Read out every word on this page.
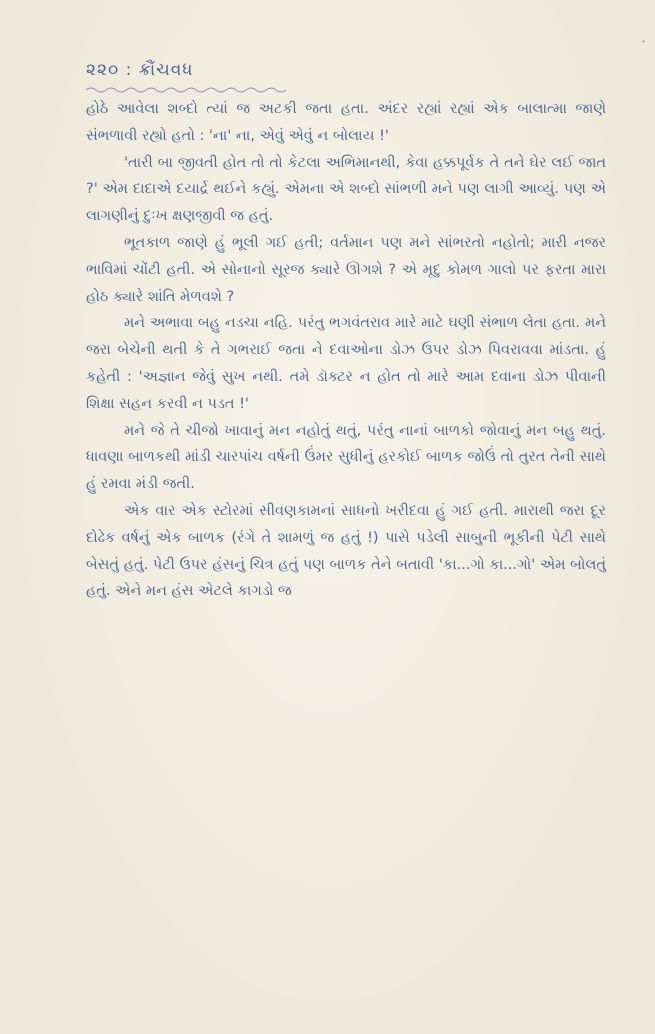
૨૨૦ : ક્રૌંચવધ

હોઠે આવેલા શબ્દો ત્યાં જ અટકી જતા હતા. અંદર રહ્યાં રહ્યાં એક બાલાત્મા જાણે સંભળાવી રહ્યો હતો : 'ના' ના, એવું એવું ન બોલાય !'

'તારી બા જીવતી હોત તો તો કેટલા અભિમાનથી, કેવા હક્કપૂર્વક તે તને ઘેર લઈ જાત ?' એમ દાદાએ દયાર્દ્ર થઈને કહ્યું. એમના એ શબ્દો સાંભળી મને પણ લાગી આવ્યું. પણ એ લાગણીનું દુઃખ ક્ષણજીવી જ હતું.

ભૂતકાળ જાણે હું ભૂલી ગઈ હતી; વર્તમાન પણ મને સાંભરતો નહોતો; મારી નજર ભાવિમાં ચોંટી હતી. એ સોનાનો સૂરજ ક્યારે ઊગશે ? એ મૃદુ કોમળ ગાલો પર ફરતા મારા હોઠ ક્યારે શાંતિ મેળવશે ?

મને અભાવા બહુ નડચા નહિ. પરંતુ ભગવંતરાવ મારે માટે ઘણી સંભાળ લેતા હતા. મને જરા બેચેની થતી કે તે ગભરાઈ જતા ને દવાઓના ડોઝ ઉપર ડોઝ પિવરાવવા માંડતા. હું કહેતી : 'અજ્ઞાન જેવું સુખ નથી. તમે ડૉક્ટર ન હોત તો મારે આમ દવાના ડોઝ પીવાની શિક્ષા સહન કરવી ન પડત !'

મને જે તે ચીજો ખાવાનું મન નહોતું થતું, પરંતુ નાનાં બાળકો જોવાનું મન બહુ થતું. ધાવણા બાળકથી માંડી ચારપાંચ વર્ષની ઉંમર સુધીનું હરકોઈ બાળક જોઉં તો તુરત તેની સાથે હું રમવા મંડી જતી.

એક વાર એક સ્ટોરમાં સીવણકામનાં સાધનો ખરીદવા હું ગઈ હતી. મારાથી જરા દૂર દોઢેક વર્ષનું એક બાળક (રંગે તે શામળું જ હતું !) પાસે પડેલી સાબુની ભૂકીની પેટી સાથે બેસતું હતું. પેટી ઉપર હંસનું ચિત્ર હતું પણ બાળક તેને બતાવી 'કા...ગો કા...ગો' એમ બોલતું હતું. એને મન હંસ એટલે કાગડો જ
